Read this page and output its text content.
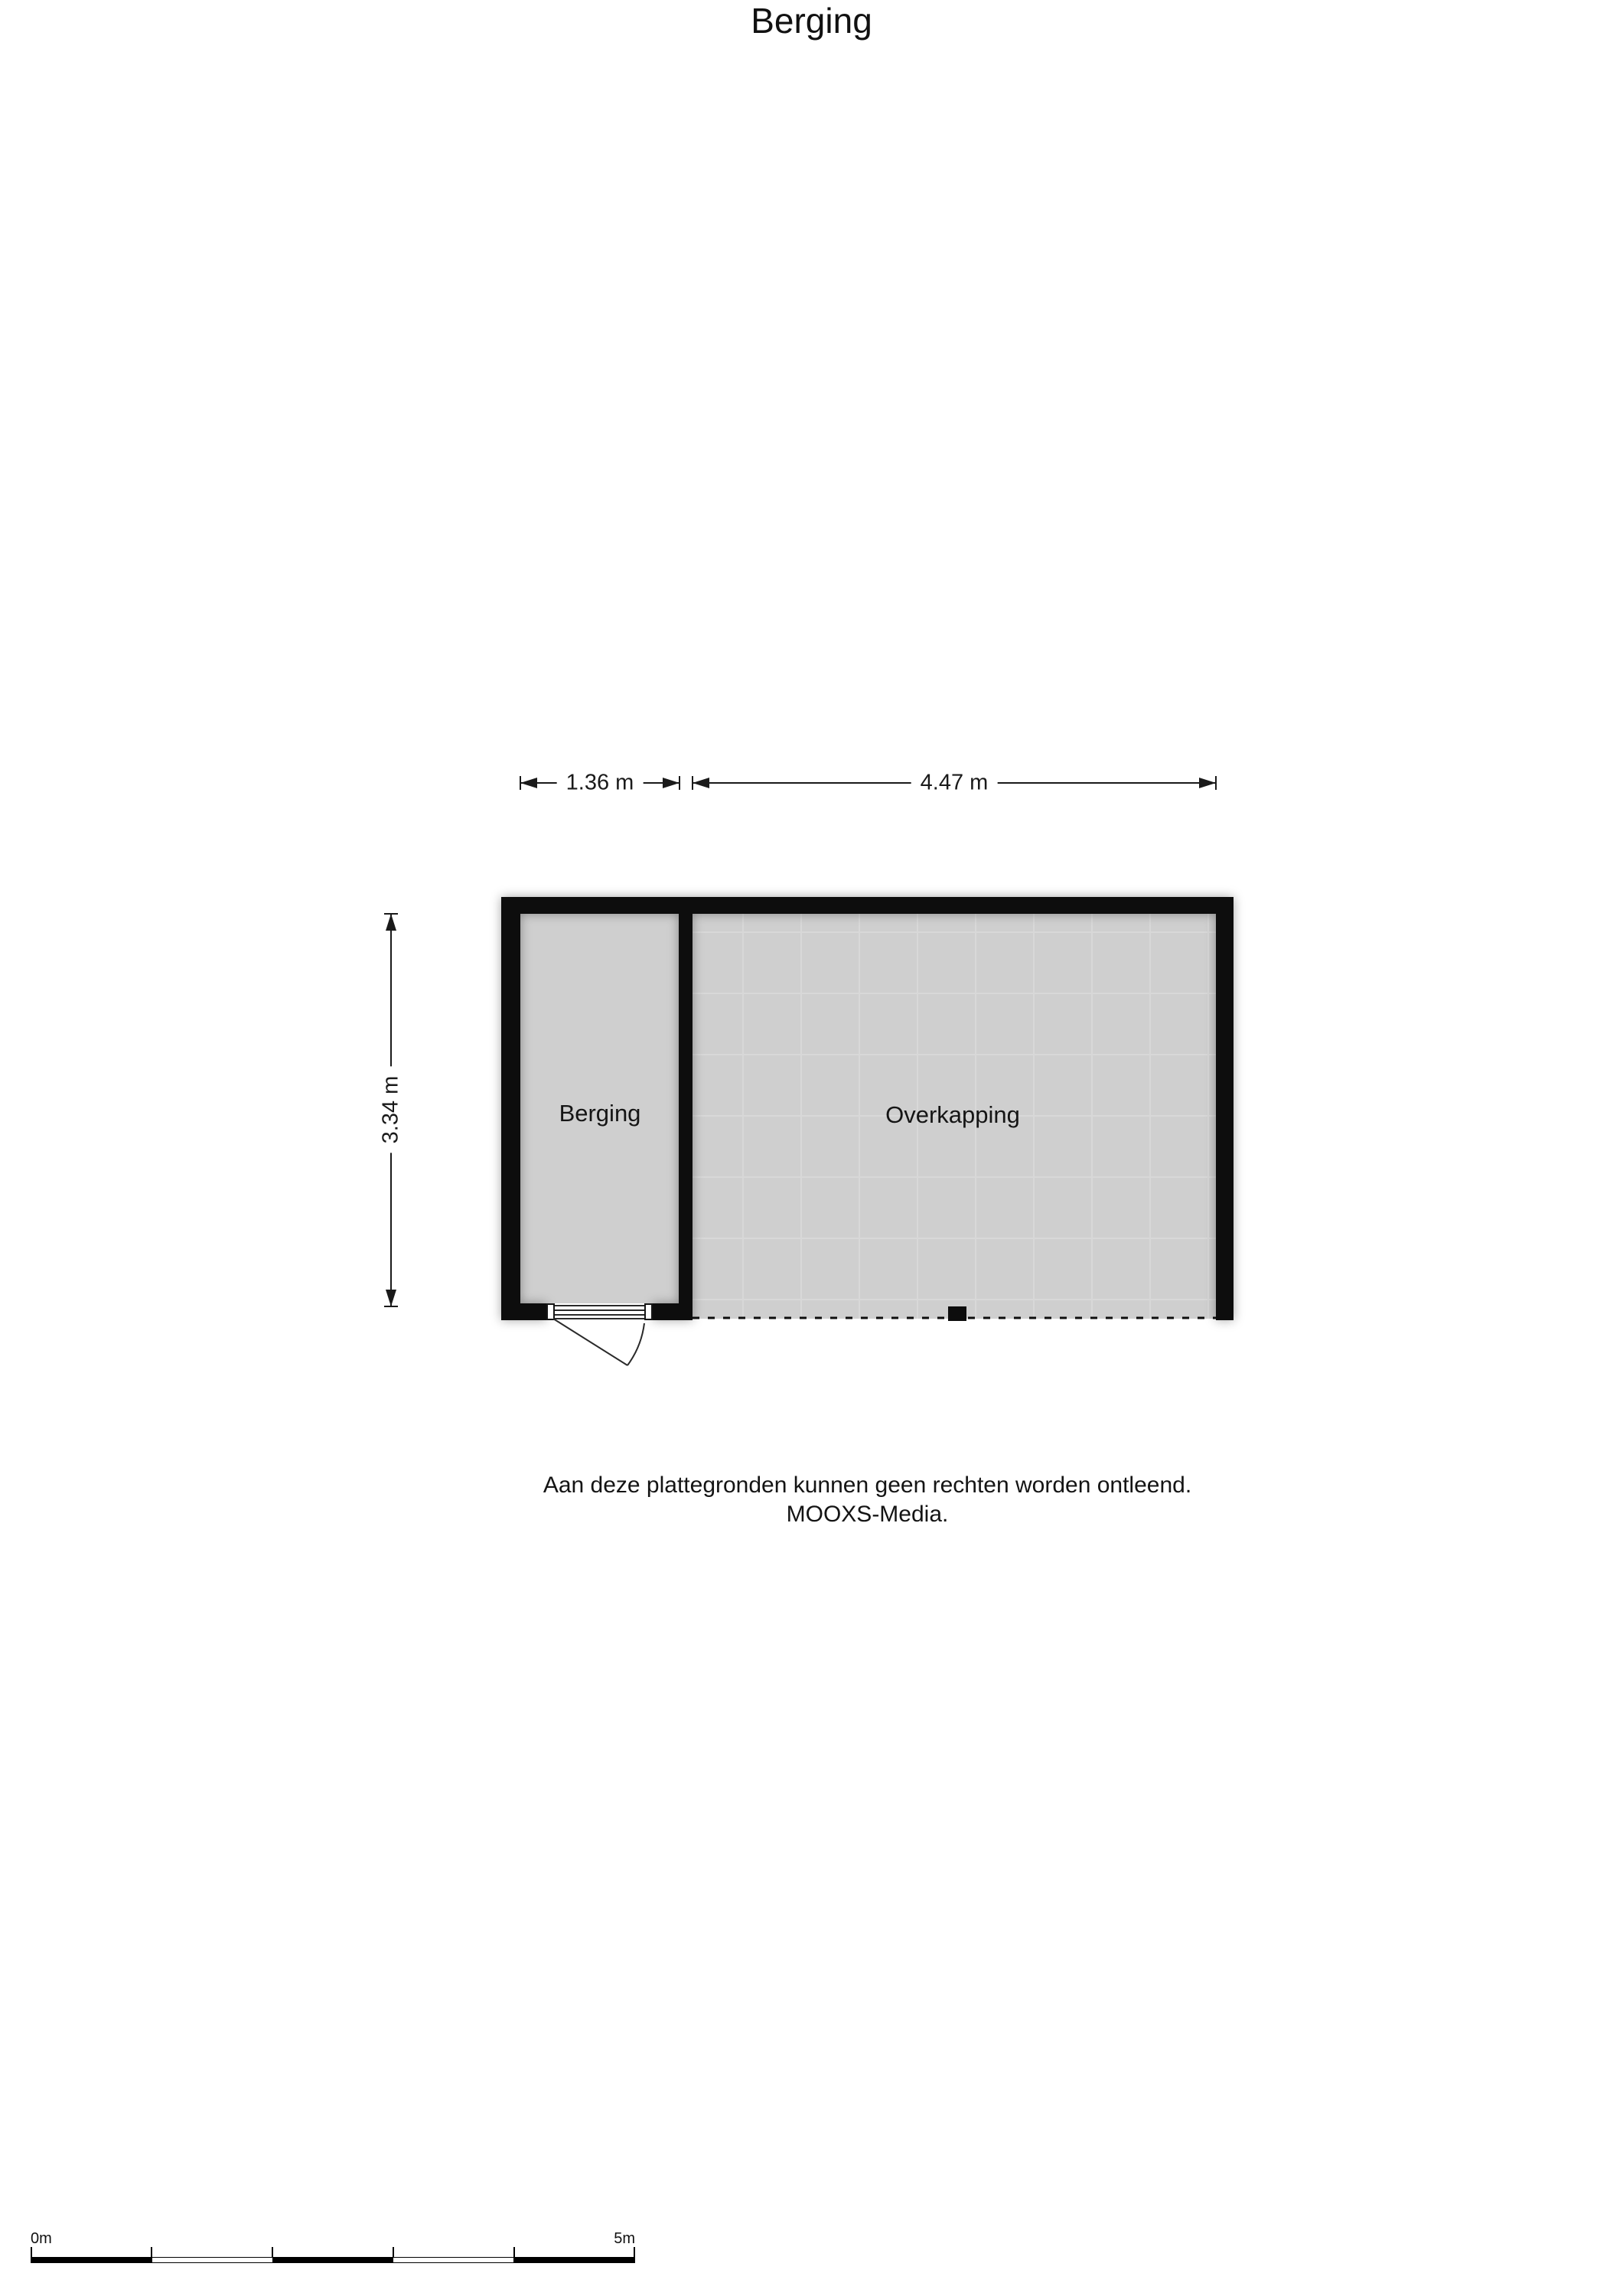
Berging
1.36 m	4.47 m
3.34 m	Berging	Overkapping
Aan deze plattegronden kunnen geen rechten worden ontleend.
MOOXS-Media.
0m	5m
